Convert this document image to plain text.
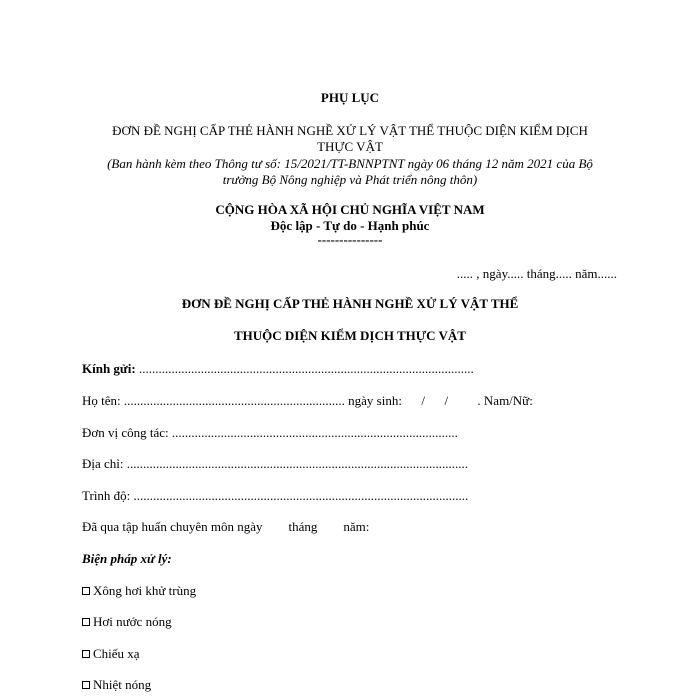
PHỤ LỤC
ĐƠN ĐỀ NGHỊ CẤP THẺ HÀNH NGHỀ XỬ LÝ VẬT THỂ THUỘC DIỆN KIỂM DỊCH
THỰC VẬT
(Ban hành kèm theo Thông tư số: 15/2021/TT-BNNPTNT ngày 06 tháng 12 năm 2021 của Bộ
trưởng Bộ Nông nghiệp và Phát triển nông thôn)
CỘNG HÒA XÃ HỘI CHỦ NGHĨA VIỆT NAM
Độc lập - Tự do - Hạnh phúc
---------------
..... , ngày..... tháng..... năm......
ĐƠN ĐỀ NGHỊ CẤP THẺ HÀNH NGHỀ XỬ LÝ VẬT THỂ
THUỘC DIỆN KIỂM DỊCH THỰC VẬT
Kính gửi: .......................................................................................................
Họ tên: .................................................................... ngày sinh:      /      /         . Nam/Nữ:
Đơn vị công tác: ........................................................................................
Địa chỉ: .........................................................................................................
Trình độ: .......................................................................................................
Đã qua tập huấn chuyên môn ngày        tháng        năm:
Biện pháp xử lý:
Xông hơi khử trùng
Hơi nước nóng
Chiếu xạ
Nhiệt nóng
